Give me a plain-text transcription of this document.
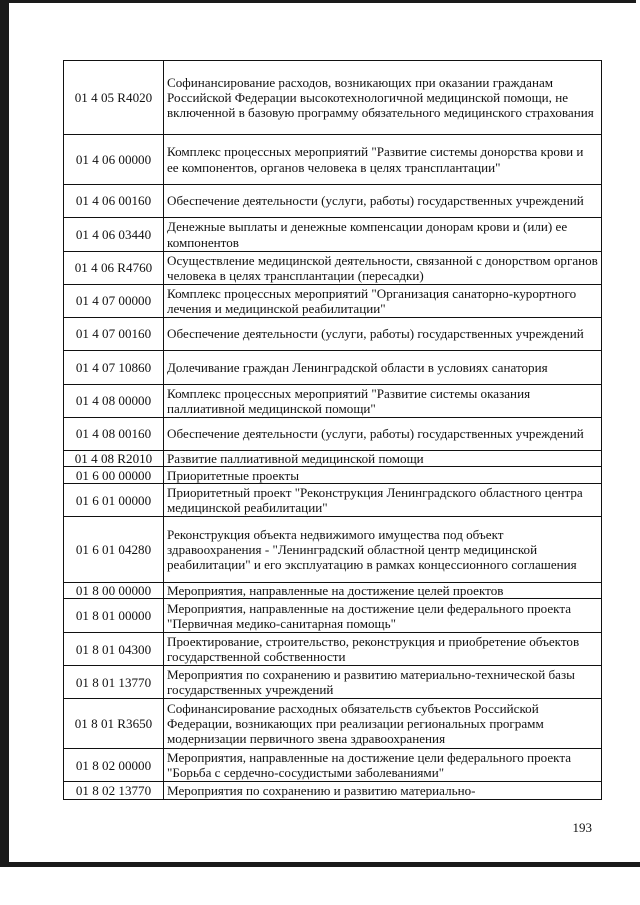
01 4 05 R4020	Софинансирование расходов, возникающих при оказании гражданам Российской Федерации высокотехнологичной медицинской помощи, не включенной в базовую программу обязательного медицинского страхования
01 4 06 00000	Комплекс процессных мероприятий "Развитие системы донорства крови и ее компонентов, органов человека в целях трансплантации"
01 4 06 00160	Обеспечение деятельности (услуги, работы) государственных учреждений
01 4 06 03440	Денежные выплаты и денежные компенсации донорам крови и (или) ее компонентов
01 4 06 R4760	Осуществление медицинской деятельности, связанной с донорством органов человека в целях трансплантации (пересадки)
01 4 07 00000	Комплекс процессных мероприятий "Организация санаторно-курортного лечения и медицинской реабилитации"
01 4 07 00160	Обеспечение деятельности (услуги, работы) государственных учреждений
01 4 07 10860	Долечивание граждан Ленинградской области в условиях санатория
01 4 08 00000	Комплекс процессных мероприятий "Развитие системы оказания паллиативной медицинской помощи"
01 4 08 00160	Обеспечение деятельности (услуги, работы) государственных учреждений
01 4 08 R2010	Развитие паллиативной медицинской помощи
01 6 00 00000	Приоритетные проекты
01 6 01 00000	Приоритетный проект "Реконструкция Ленинградского областного центра медицинской реабилитации"
01 6 01 04280	Реконструкция объекта недвижимого имущества под объект здравоохранения - "Ленинградский областной центр медицинской реабилитации" и его эксплуатацию в рамках концессионного соглашения
01 8 00 00000	Мероприятия, направленные на достижение целей проектов
01 8 01 00000	Мероприятия, направленные на достижение цели федерального проекта "Первичная медико-санитарная помощь"
01 8 01 04300	Проектирование, строительство, реконструкция и приобретение объектов государственной собственности
01 8 01 13770	Мероприятия по сохранению и развитию материально-технической базы государственных учреждений
01 8 01 R3650	Софинансирование расходных обязательств субъектов Российской Федерации, возникающих при реализации региональных программ модернизации первичного звена здравоохранения
01 8 02 00000	Мероприятия, направленные на достижение цели федерального проекта "Борьба с сердечно-сосудистыми заболеваниями"
01 8 02 13770	Мероприятия по сохранению и развитию материально-
193
